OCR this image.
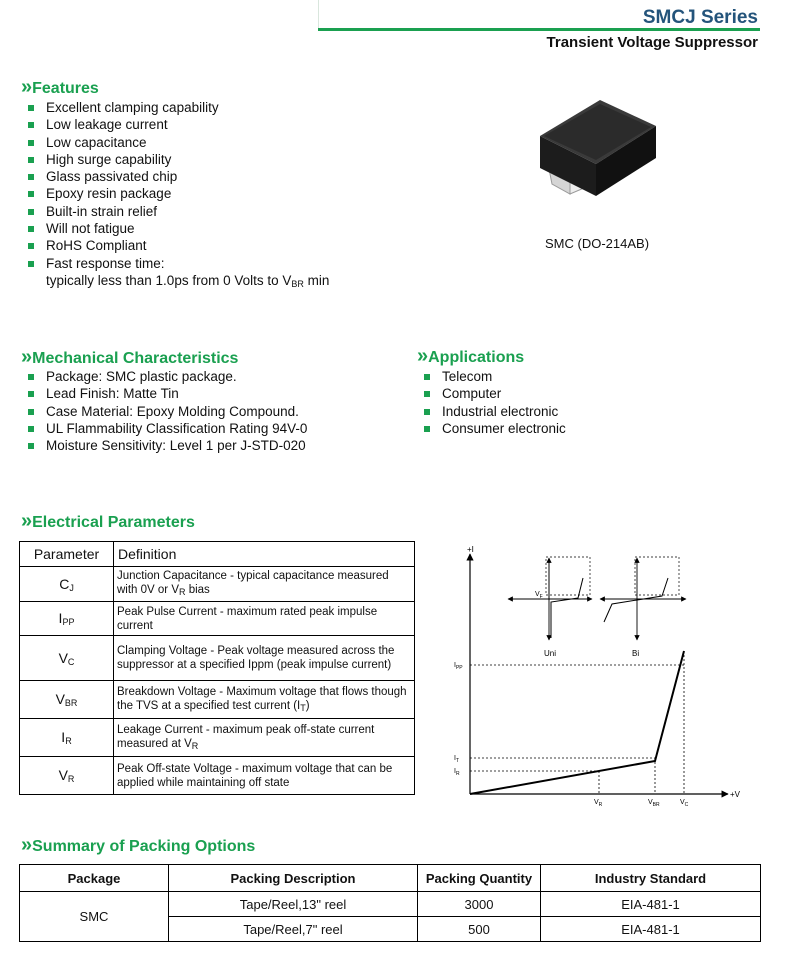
SMCJ Series
Transient Voltage Suppressor
» Features
Excellent clamping capability
Low leakage current
Low capacitance
High surge capability
Glass passivated chip
Epoxy resin package
Built-in strain relief
Will not fatigue
RoHS Compliant
Fast response time:
typically less than 1.0ps from 0 Volts to $V_{BR}$ min
SMC (DO-214AB)
» Mechanical Characteristics
Package: SMC plastic package.
Lead Finish: Matte Tin
Case Material: Epoxy Molding Compound.
UL Flammability Classification Rating 94V-0
Moisture Sensitivity: Level 1 per J-STD-020
» Applications
Telecom
Computer
Industrial electronic
Consumer electronic
» Electrical Parameters
Parameter	Definition
$C_J$	Junction Capacitance - typical capacitance measured with 0V or $V_R$ bias
$I_{PP}$	Peak Pulse Current - maximum rated peak impulse current
$V_C$	Clamping Voltage - Peak voltage measured across the suppressor at a specified Ippm (peak impulse current)
$V_{BR}$	Breakdown Voltage - Maximum voltage that flows though the TVS at a specified test current $(I_T)$
$I_R$	Leakage Current - maximum peak off-state current measured at $V_R$
$V_R$	Peak Off-state Voltage - maximum voltage that can be applied while maintaining off state
+I
+V
$I_{PP}$
$I_T$
$I_R$
$V_R$	$V_{BR}$	$V_C$
$V_F$
Uni	Bi
» Summary of Packing Options
Package	Packing Description	Packing Quantity	Industry Standard
SMC	Tape/Reel,13" reel	3000	EIA-481-1
	Tape/Reel,7" reel	500	EIA-481-1
